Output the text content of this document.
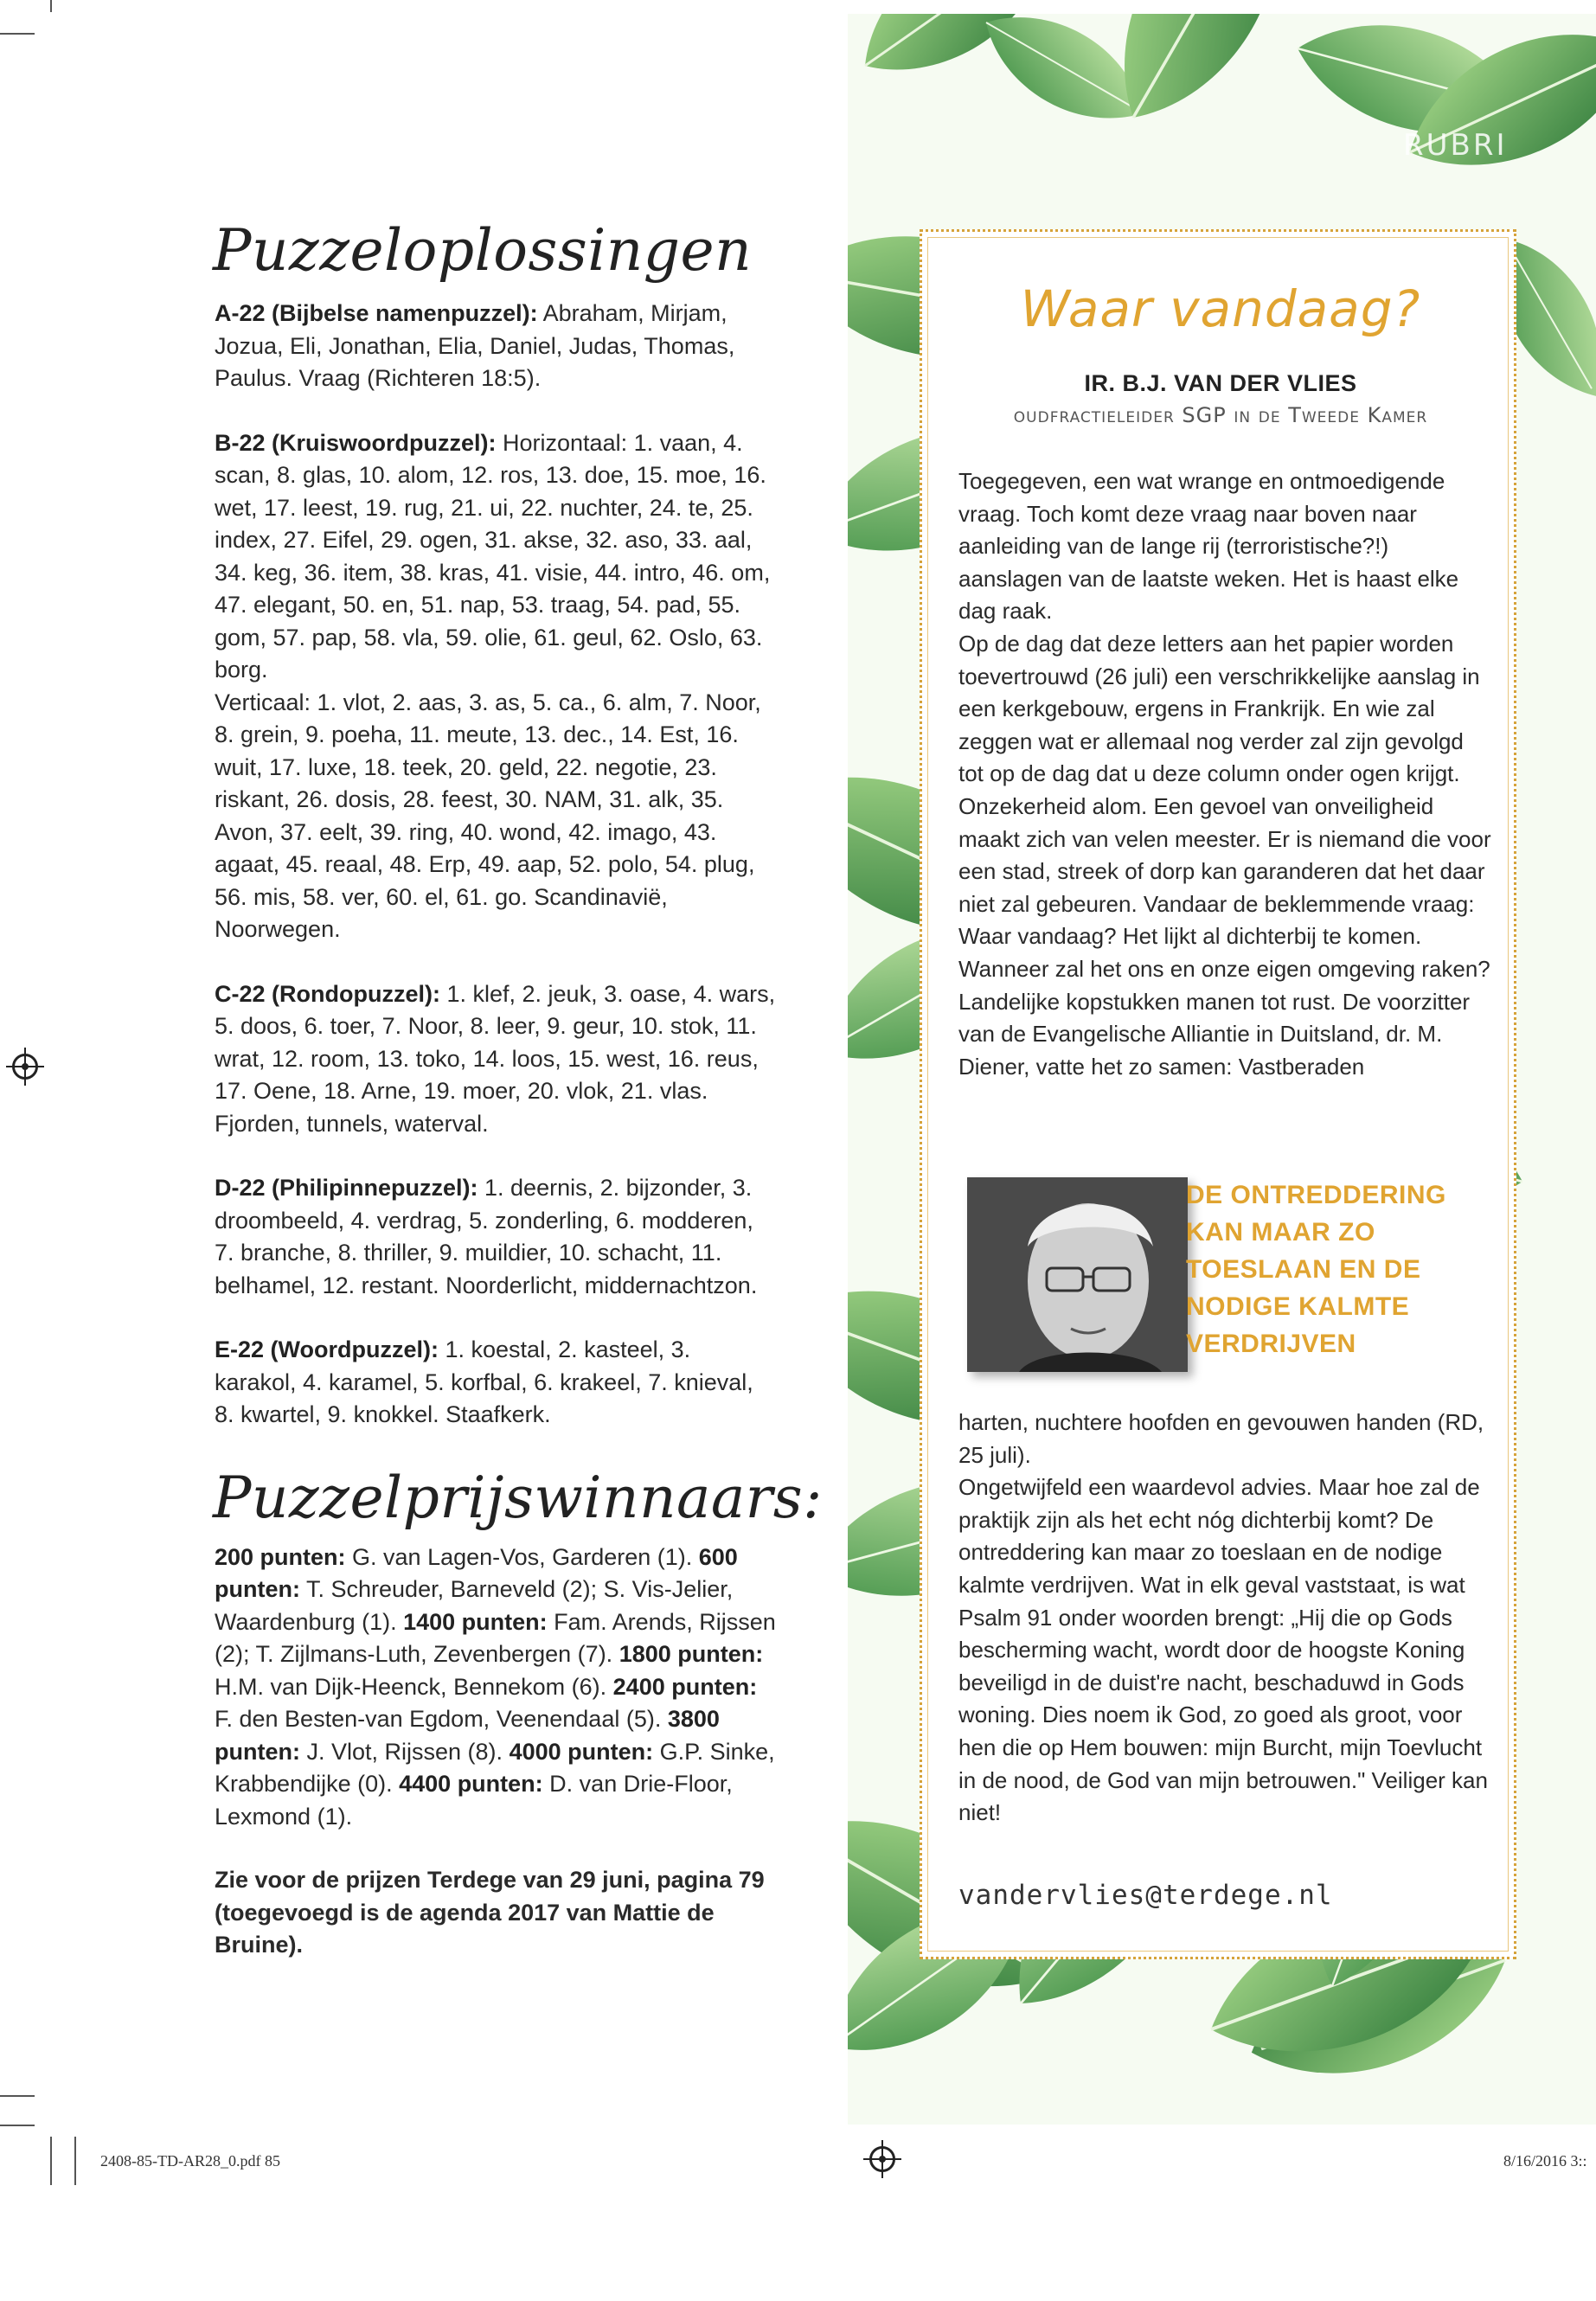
Puzzeloplossingen
A-22 (Bijbelse namenpuzzel): Abraham, Mirjam, Jozua, Eli, Jonathan, Elia, Daniel, Judas, Thomas, Paulus. Vraag (Richteren 18:5).
B-22 (Kruiswoordpuzzel): Horizontaal: 1. vaan, 4. scan, 8. glas, 10. alom, 12. ros, 13. doe, 15. moe, 16. wet, 17. leest, 19. rug, 21. ui, 22. nuchter, 24. te, 25. index, 27. Eifel, 29. ogen, 31. akse, 32. aso, 33. aal, 34. keg, 36. item, 38. kras, 41. visie, 44. intro, 46. om, 47. elegant, 50. en, 51. nap, 53. traag, 54. pad, 55. gom, 57. pap, 58. vla, 59. olie, 61. geul, 62. Oslo, 63. borg.
Verticaal: 1. vlot, 2. aas, 3. as, 5. ca., 6. alm, 7. Noor, 8. grein, 9. poeha, 11. meute, 13. dec., 14. Est, 16. wuit, 17. luxe, 18. teek, 20. geld, 22. negotie, 23. riskant, 26. dosis, 28. feest, 30. NAM, 31. alk, 35. Avon, 37. eelt, 39. ring, 40. wond, 42. imago, 43. agaat, 45. reaal, 48. Erp, 49. aap, 52. polo, 54. plug, 56. mis, 58. ver, 60. el, 61. go. Scandinavië, Noorwegen.
C-22 (Rondopuzzel): 1. klef, 2. jeuk, 3. oase, 4. wars, 5. doos, 6. toer, 7. Noor, 8. leer, 9. geur, 10. stok, 11. wrat, 12. room, 13. toko, 14. loos, 15. west, 16. reus, 17. Oene, 18. Arne, 19. moer, 20. vlok, 21. vlas. Fjorden, tunnels, waterval.
D-22 (Philipinnepuzzel): 1. deernis, 2. bijzonder, 3. droombeeld, 4. verdrag, 5. zonderling, 6. modderen, 7. branche, 8. thriller, 9. muildier, 10. schacht, 11. belhamel, 12. restant. Noorderlicht, middernachtzon.
E-22 (Woordpuzzel): 1. koestal, 2. kasteel, 3. karakol, 4. karamel, 5. korfbal, 6. krakeel, 7. knieval, 8. kwartel, 9. knokkel. Staafkerk.
Puzzelprijswinnaars:
200 punten: G. van Lagen-Vos, Garderen (1). 600 punten: T. Schreuder, Barneveld (2); S. Vis-Jelier, Waardenburg (1). 1400 punten: Fam. Arends, Rijssen (2); T. Zijlmans-Luth, Zevenbergen (7). 1800 punten: H.M. van Dijk-Heenck, Bennekom (6). 2400 punten: F. den Besten-van Egdom, Veenendaal (5). 3800 punten: J. Vlot, Rijssen (8). 4000 punten: G.P. Sinke, Krabbendijke (0). 4400 punten: D. van Drie-Floor, Lexmond (1).
Zie voor de prijzen Terdege van 29 juni, pagina 79 (toegevoegd is de agenda 2017 van Mattie de Bruine).
RUBRI
Waar vandaag?
IR. B.J. VAN DER VLIES
oudfractieleider SGP in de Tweede Kamer

Toegegeven, een wat wrange en ontmoedigende vraag. Toch komt deze vraag naar boven naar aanleiding van de lange rij (terroristische?!) aanslagen van de laatste weken. Het is haast elke dag raak.

Op de dag dat deze letters aan het papier worden toevertrouwd (26 juli) een verschrikkelijke aanslag in een kerkgebouw, ergens in Frankrijk. En wie zal zeggen wat er allemaal nog verder zal zijn gevolgd tot op de dag dat u deze column onder ogen krijgt.

Onzekerheid alom. Een gevoel van onveiligheid maakt zich van velen meester. Er is niemand die voor een stad, streek of dorp kan garanderen dat het daar niet zal gebeuren. Vandaar de beklemmende vraag: Waar vandaag? Het lijkt al dichterbij te komen. Wanneer zal het ons en onze eigen omgeving raken?

Landelijke kopstukken manen tot rust. De voorzitter van de Evangelische Alliantie in Duitsland, dr. M. Diener, vatte het zo samen: Vastberaden

DE ONTREDDERING KAN MAAR ZO TOESLAAN EN DE NODIGE KALMTE VERDRIJVEN

harten, nuchtere hoofden en gevouwen handen (RD, 25 juli).

Ongetwijfeld een waardevol advies. Maar hoe zal de praktijk zijn als het echt nóg dichterbij komt? De ontreddering kan maar zo toeslaan en de nodige kalmte verdrijven. Wat in elk geval vaststaat, is wat Psalm 91 onder woorden brengt: „Hij die op Gods bescherming wacht, wordt door de hoogste Koning beveiligd in de duist're nacht, beschaduwd in Gods woning. Dies noem ik God, zo goed als groot, voor hen die op Hem bouwen: mijn Burcht, mijn Toevlucht in de nood, de God van mijn betrouwen." Veiliger kan niet!

vandervlies@terdege.nl
2408-85-TD-AR28_0.pdf 85	8/16/2016 3::
